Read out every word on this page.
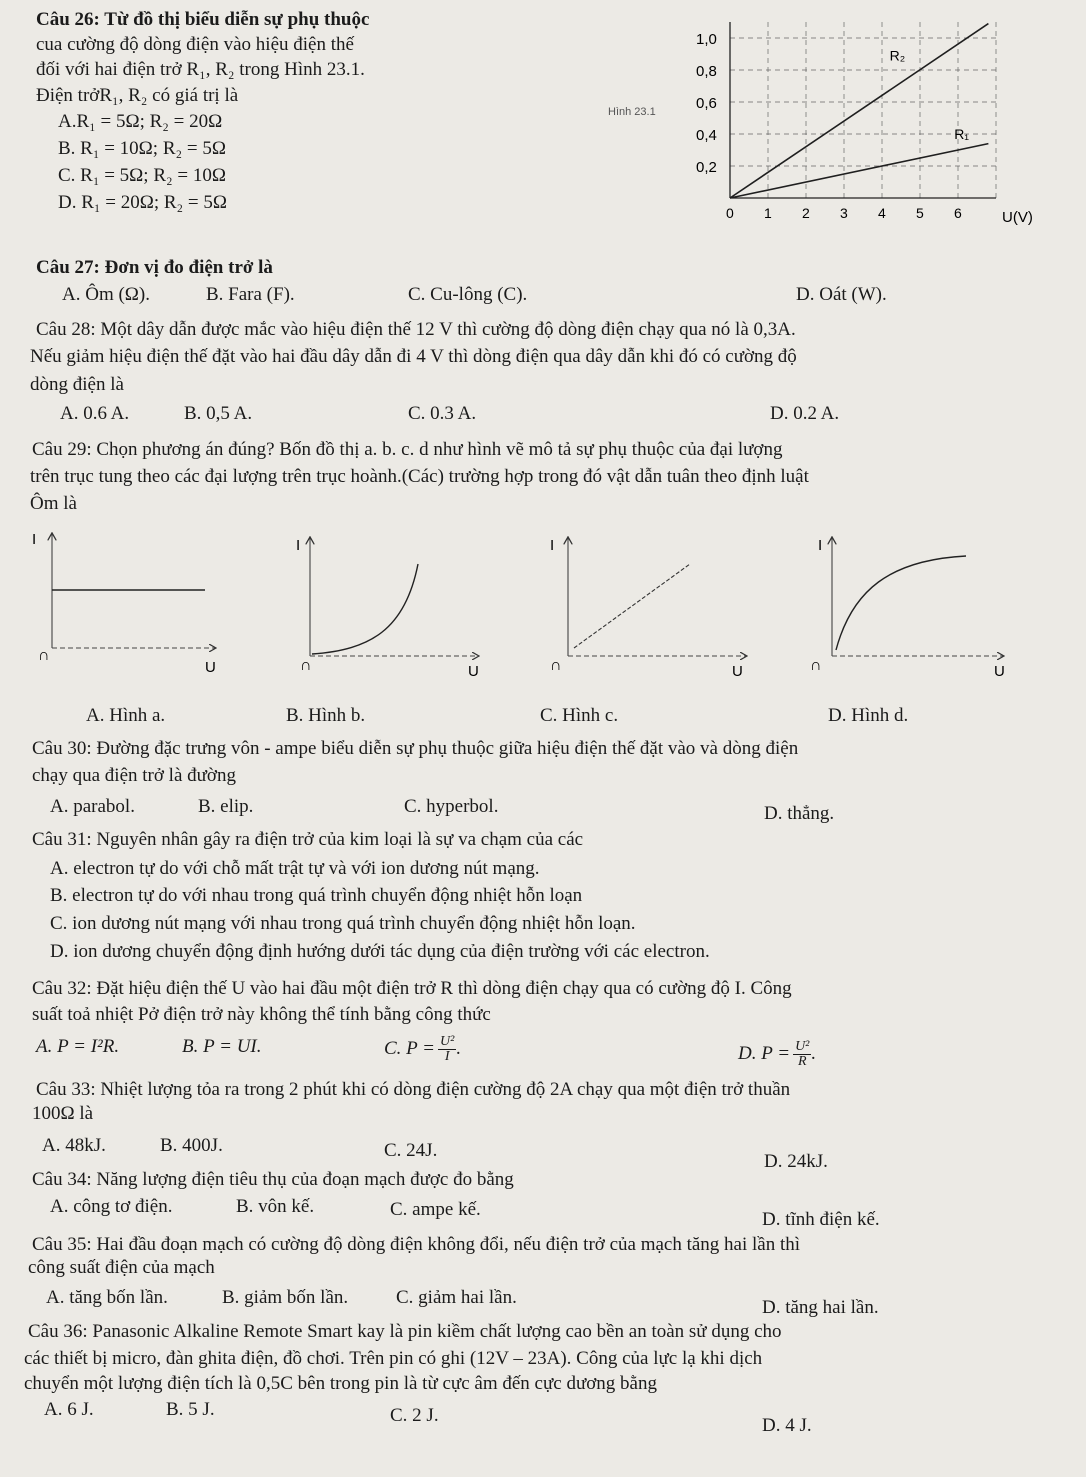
Câu 26: Từ đồ thị biểu diễn sự phụ thuộc
cua cường độ dòng điện vào hiệu điện thế
đối với hai điện trở R₁, R₂ trong Hình 23.1.
Điện trởR₁, R₂ có giá trị là
A.R₁ = 5Ω; R₂ = 20Ω
B. R₁ = 10Ω; R₂ = 5Ω
C. R₁ = 5Ω; R₂ = 10Ω
D. R₁ = 20Ω; R₂ = 5Ω
Hình 23.1
0,2
0,4
0,6
0,8
1,0
0 1 2 3 4 5 6
R₂
R₁
U(V)
Câu 27: Đơn vị đo điện trở là
A. Ôm (Ω).	B. Fara (F).	C. Cu-lông (C).	D. Oát (W).
Câu 28: Một dây dẫn được mắc vào hiệu điện thế 12 V thì cường độ dòng điện chạy qua nó là 0,3A.
Nếu giảm hiệu điện thế đặt vào hai đầu dây dẫn đi 4 V thì dòng điện qua dây dẫn khi đó có cường độ
dòng điện là
A. 0.6 A.	B. 0,5 A.	C. 0.3 A.	D. 0.2 A.
Câu 29: Chọn phương án đúng? Bốn đồ thị a. b. c. d như hình vẽ mô tả sự phụ thuộc của đại lượng
trên trục tung theo các đại lượng trên trục hoành.(Các) trường hợp trong đó vật dẫn tuân theo định luật
Ôm là
I
∩
U
I
∩	U
I
∩	U
I
∩	U
A. Hình a.	B. Hình b.	C. Hình c.	D. Hình d.
Câu 30: Đường đặc trưng vôn - ampe biểu diễn sự phụ thuộc giữa hiệu điện thế đặt vào và dòng điện
chạy qua điện trở là đường
A. parabol.	B. elip.	C. hyperbol.	D. thẳng.
Câu 31: Nguyên nhân gây ra điện trở của kim loại là sự va chạm của các
A. electron tự do với chỗ mất trật tự và với ion dương nút mạng.
B. electron tự do với nhau trong quá trình chuyển động nhiệt hỗn loạn
C. ion dương nút mạng với nhau trong quá trình chuyển động nhiệt hỗn loạn.
D. ion dương chuyển động định hướng dưới tác dụng của điện trường với các electron.
Câu 32: Đặt hiệu điện thế U vào hai đầu một điện trở R thì dòng điện chạy qua có cường độ I. Công
suất toả nhiệt Pở điện trở này không thể tính bằng công thức
A. P = I²R.	B. P = UI.	C. $P = \frac{\text{U²}}{I}$ .	D. $P = \frac{\text{U²}}{R}$ .
Câu 33: Nhiệt lượng tỏa ra trong 2 phút khi có dòng điện cường độ 2A chạy qua một điện trở thuần
100Ω là
A. 48kJ.	B. 400J.	C. 24J.
D. 24kJ.
Câu 34: Năng lượng điện tiêu thụ của đoạn mạch được đo bằng
A. công tơ điện.	B. vôn kế.	C. ampe kế.	D. tĩnh điện kế.
Câu 35: Hai đầu đoạn mạch có cường độ dòng điện không đổi, nếu điện trở của mạch tăng hai lần thì
công suất điện của mạch
A. tăng bốn lần.	B. giảm bốn lần.	C. giảm hai lần.	D. tăng hai lần.
Câu 36: Panasonic Alkaline Remote Smart kay là pin kiềm chất lượng cao bền an toàn sử dụng cho
các thiết bị micro, đàn ghita điện, đồ chơi. Trên pin có ghi (12V – 23A). Công của lực lạ khi dịch
chuyển một lượng điện tích là 0,5C bên trong pin là từ cực âm đến cực dương bằng
A. 6 J.	B. 5 J.	C. 2 J.	D. 4 J.
